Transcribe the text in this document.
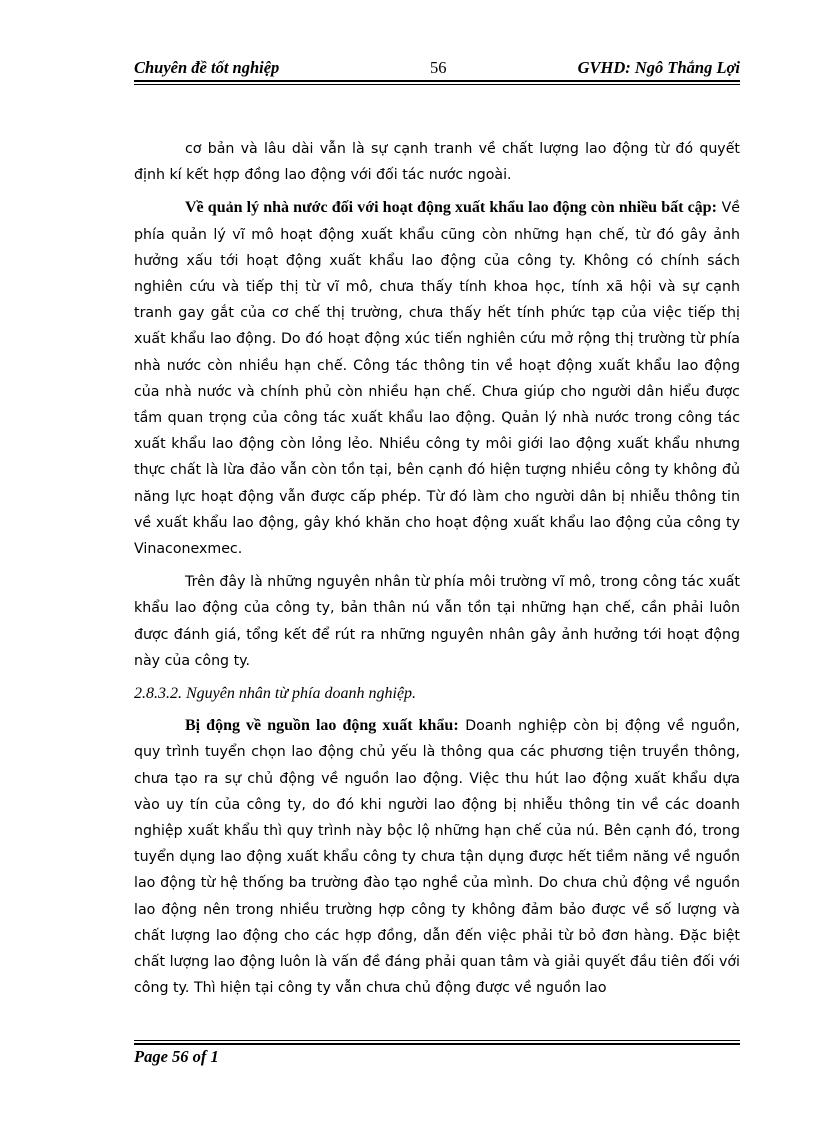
Chuyên đề tốt nghiệp	56	GVHD: Ngô Thắng Lợi

cơ bản và lâu dài vẫn là sự cạnh tranh về chất lượng lao động từ đó quyết định kí kết hợp đồng lao động với đối tác nước ngoài.

Về quản lý nhà nước đối với hoạt động xuất khẩu lao động còn nhiều bất cập: Về phía quản lý vĩ mô hoạt động xuất khẩu cũng còn những hạn chế, từ đó gây ảnh hưởng xấu tới hoạt động xuất khẩu lao động của công ty. Không có chính sách nghiên cứu và tiếp thị từ vĩ mô, chưa thấy tính khoa học, tính xã hội và sự cạnh tranh gay gắt của cơ chế thị trường, chưa thấy hết tính phức tạp của việc tiếp thị xuất khẩu lao động. Do đó hoạt động xúc tiến nghiên cứu mở rộng thị trường từ phía nhà nước còn nhiều hạn chế. Công tác thông tin về hoạt động xuất khẩu lao động của nhà nước và chính phủ còn nhiều hạn chế. Chưa giúp cho người dân hiểu được tầm quan trọng của công tác xuất khẩu lao động. Quản lý nhà nước trong công tác xuất khẩu lao động còn lỏng lẻo. Nhiều công ty môi giới lao động xuất khẩu nhưng thực chất là lừa đảo vẫn còn tồn tại, bên cạnh đó hiện tượng nhiều công ty không đủ năng lực hoạt động vẫn được cấp phép. Từ đó làm cho người dân bị nhiễu thông tin về xuất khẩu lao động, gây khó khăn cho hoạt động xuất khẩu lao động của công ty Vinaconexmec.

Trên đây là những nguyên nhân từ phía môi trường vĩ mô, trong công tác xuất khẩu lao động của công ty, bản thân nú vẫn tồn tại những hạn chế, cần phải luôn được đánh giá, tổng kết để rút ra những nguyên nhân gây ảnh hưởng tới hoạt động này của công ty.

2.8.3.2. Nguyên nhân từ phía doanh nghiệp.

Bị động về nguồn lao động xuất khẩu: Doanh nghiệp còn bị động về nguồn, quy trình tuyển chọn lao động chủ yếu là thông qua các phương tiện truyền thông, chưa tạo ra sự chủ động về nguồn lao động. Việc thu hút lao động xuất khẩu dựa vào uy tín của công ty, do đó khi người lao động bị nhiễu thông tin về các doanh nghiệp xuất khẩu thì quy trình này bộc lộ những hạn chế của nú. Bên cạnh đó, trong tuyển dụng lao động xuất khẩu công ty chưa tận dụng được hết tiềm năng về nguồn lao động từ hệ thống ba trường đào tạo nghề của mình. Do chưa chủ động về nguồn lao động nên trong nhiều trường hợp công ty không đảm bảo được về số lượng và chất lượng lao động cho các hợp đồng, dẫn đến việc phải từ bỏ đơn hàng. Đặc biệt chất lượng lao động luôn là vấn đề đáng phải quan tâm và giải quyết đầu tiên đối với công ty. Thì hiện tại công ty vẫn chưa chủ động được về nguồn lao

Page 56 of 1
